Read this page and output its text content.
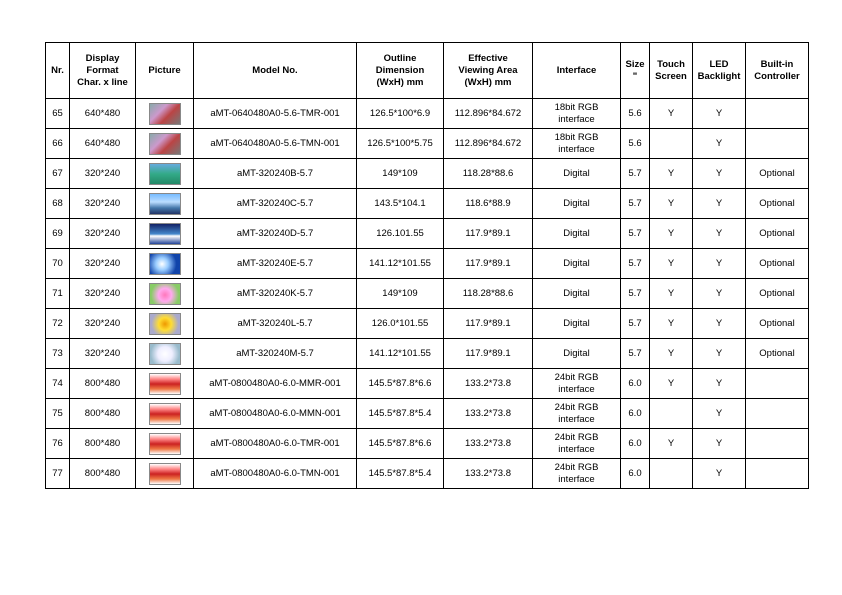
Nr.	Display
Format
Char. x line	Picture	Model No.	Outline
Dimension
(WxH) mm	Effective
Viewing Area
(WxH) mm	Interface	Size
"	Touch
Screen	LED
Backlight	Built-in
Controller
65	640*480		aMT-0640480A0-5.6-TMR-001	126.5*100*6.9	112.896*84.672	18bit RGB
interface	5.6	Y	Y	
66	640*480		aMT-0640480A0-5.6-TMN-001	126.5*100*5.75	112.896*84.672	18bit RGB
interface	5.6		Y	
67	320*240		aMT-320240B-5.7	149*109	118.28*88.6	Digital	5.7	Y	Y	Optional
68	320*240		aMT-320240C-5.7	143.5*104.1	118.6*88.9	Digital	5.7	Y	Y	Optional
69	320*240		aMT-320240D-5.7	126.101.55	117.9*89.1	Digital	5.7	Y	Y	Optional
70	320*240		aMT-320240E-5.7	141.12*101.55	117.9*89.1	Digital	5.7	Y	Y	Optional
71	320*240		aMT-320240K-5.7	149*109	118.28*88.6	Digital	5.7	Y	Y	Optional
72	320*240		aMT-320240L-5.7	126.0*101.55	117.9*89.1	Digital	5.7	Y	Y	Optional
73	320*240		aMT-320240M-5.7	141.12*101.55	117.9*89.1	Digital	5.7	Y	Y	Optional
74	800*480		aMT-0800480A0-6.0-MMR-001	145.5*87.8*6.6	133.2*73.8	24bit RGB
interface	6.0	Y	Y	
75	800*480		aMT-0800480A0-6.0-MMN-001	145.5*87.8*5.4	133.2*73.8	24bit RGB
interface	6.0		Y	
76	800*480		aMT-0800480A0-6.0-TMR-001	145.5*87.8*6.6	133.2*73.8	24bit RGB
interface	6.0	Y	Y	
77	800*480		aMT-0800480A0-6.0-TMN-001	145.5*87.8*5.4	133.2*73.8	24bit RGB
interface	6.0		Y	
